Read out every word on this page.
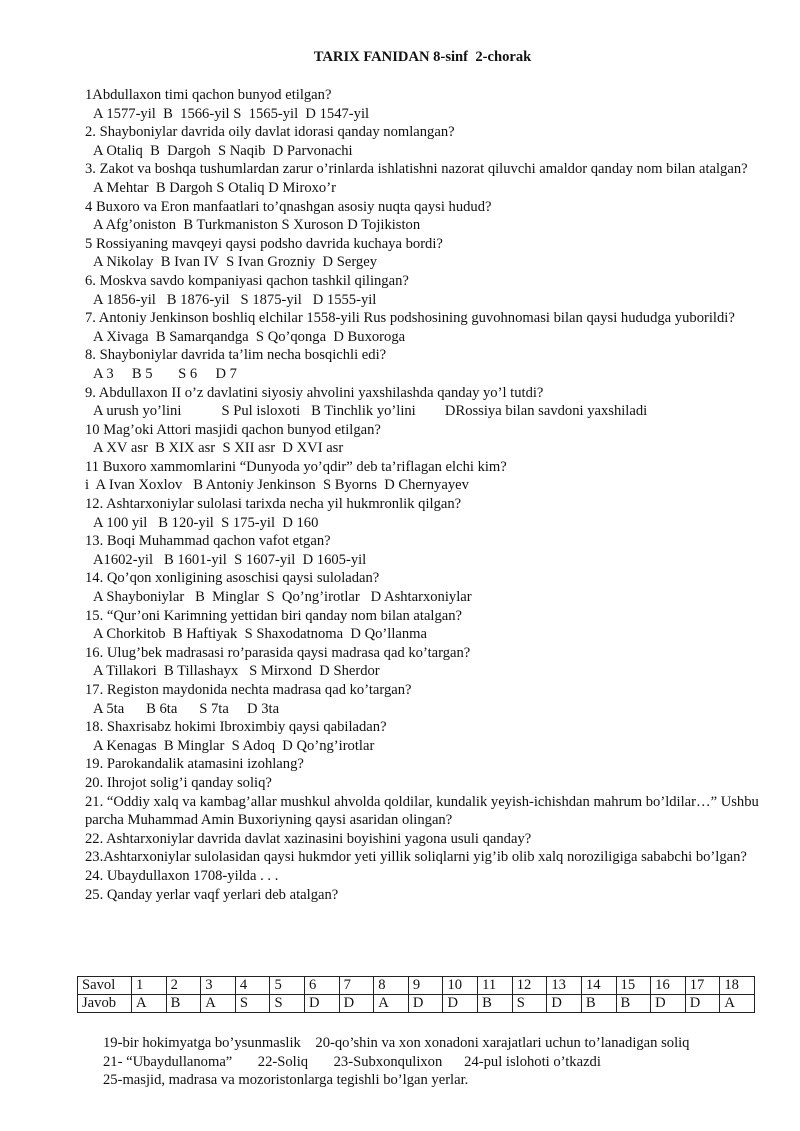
TARIX FANIDAN 8-sinf  2-chorak
1Abdullaxon timi qachon bunyod etilgan?
A 1577-yil  B  1566-yil S  1565-yil  D 1547-yil
2. Shayboniylar davrida oily davlat idorasi qanday nomlangan?
A Otaliq  B  Dargoh  S Naqib  D Parvonachi
3. Zakot va boshqa tushumlardan zarur o’rinlarda ishlatishni nazorat qiluvchi amaldor qanday nom bilan atalgan?
A Mehtar  B Dargoh S Otaliq D Miroxo’r
4 Buxoro va Eron manfaatlari to’qnashgan asosiy nuqta qaysi hudud?
A Afg’oniston  B Turkmaniston S Xuroson D Tojikiston
5 Rossiyaning mavqeyi qaysi podsho davrida kuchaya bordi?
A Nikolay  B Ivan IV  S Ivan Grozniy  D Sergey
6. Moskva savdo kompaniyasi qachon tashkil qilingan?
A 1856-yil   B 1876-yil   S 1875-yil   D 1555-yil
7. Antoniy Jenkinson boshliq elchilar 1558-yili Rus podshosining guvohnomasi bilan qaysi hududga yuborildi?
A Xivaga  B Samarqandga  S Qo’qonga  D Buxoroga
8. Shayboniylar davrida ta’lim necha bosqichli edi?
A 3     B 5       S 6     D 7
9. Abdullaxon II o’z davlatini siyosiy ahvolini yaxshilashda qanday yo’l tutdi?
A urush yo’lini           S Pul isloxoti   B Tinchlik yo’lini        DRossiya bilan savdoni yaxshiladi
10 Mag’oki Attori masjidi qachon bunyod etilgan?
A XV asr  B XIX asr  S XII asr  D XVI asr
11 Buxoro xammomlarini “Dunyoda yo’qdir” deb ta’riflagan elchi kim?
i  A Ivan Xoxlov   B Antoniy Jenkinson  S Byorns  D Chernyayev
12. Ashtarxoniylar sulolasi tarixda necha yil hukmronlik qilgan?
A 100 yil   B 120-yil  S 175-yil  D 160
13. Boqi Muhammad qachon vafot etgan?
A1602-yil   B 1601-yil  S 1607-yil  D 1605-yil
14. Qo’qon xonligining asoschisi qaysi suloladan?
A Shayboniylar   B  Minglar  S  Qo’ng’irotlar   D Ashtarxoniylar
15. “Qur’oni Karimning yettidan biri qanday nom bilan atalgan?
A Chorkitob  B Haftiyak  S Shaxodatnoma  D Qo’llanma
16. Ulug’bek madrasasi ro’parasida qaysi madrasa qad ko’targan?
A Tillakori  B Tillashayx   S Mirxond  D Sherdor
17. Registon maydonida nechta madrasa qad ko’targan?
A 5ta      B 6ta      S 7ta     D 3ta
18. Shaxrisabz hokimi Ibroximbiy qaysi qabiladan?
A Kenagas  B Minglar  S Adoq  D Qo’ng’irotlar
19. Parokandalik atamasini izohlang?
20. Ihrojot solig’i qanday soliq?
21. “Oddiy xalq va kambag’allar mushkul ahvolda qoldilar, kundalik yeyish-ichishdan mahrum bo’ldilar…” Ushbu parcha Muhammad Amin Buxoriyning qaysi asaridan olingan?
22. Ashtarxoniylar davrida davlat xazinasini boyishini yagona usuli qanday?
23.Ashtarxoniylar sulolasidan qaysi hukmdor yeti yillik soliqlarni yig’ib olib xalq noroziligiga sababchi bo’lgan?
24. Ubaydullaxon 1708-yilda . . .
25. Qanday yerlar vaqf yerlari deb atalgan?
Savol	1	2	3	4	5	6	7	8	9	10	11	12	13	14	15	16	17	18
Javob	A	B	A	S	S	D	D	A	D	D	B	S	D	B	B	D	D	A
19-bir hokimyatga bo’ysunmaslik    20-qo’shin va xon xonadoni xarajatlari uchun to’lanadigan soliq
21- “Ubaydullanoma”       22-Soliq       23-Subxonqulixon      24-pul islohoti o’tkazdi
25-masjid, madrasa va mozoristonlarga tegishli bo’lgan yerlar.
